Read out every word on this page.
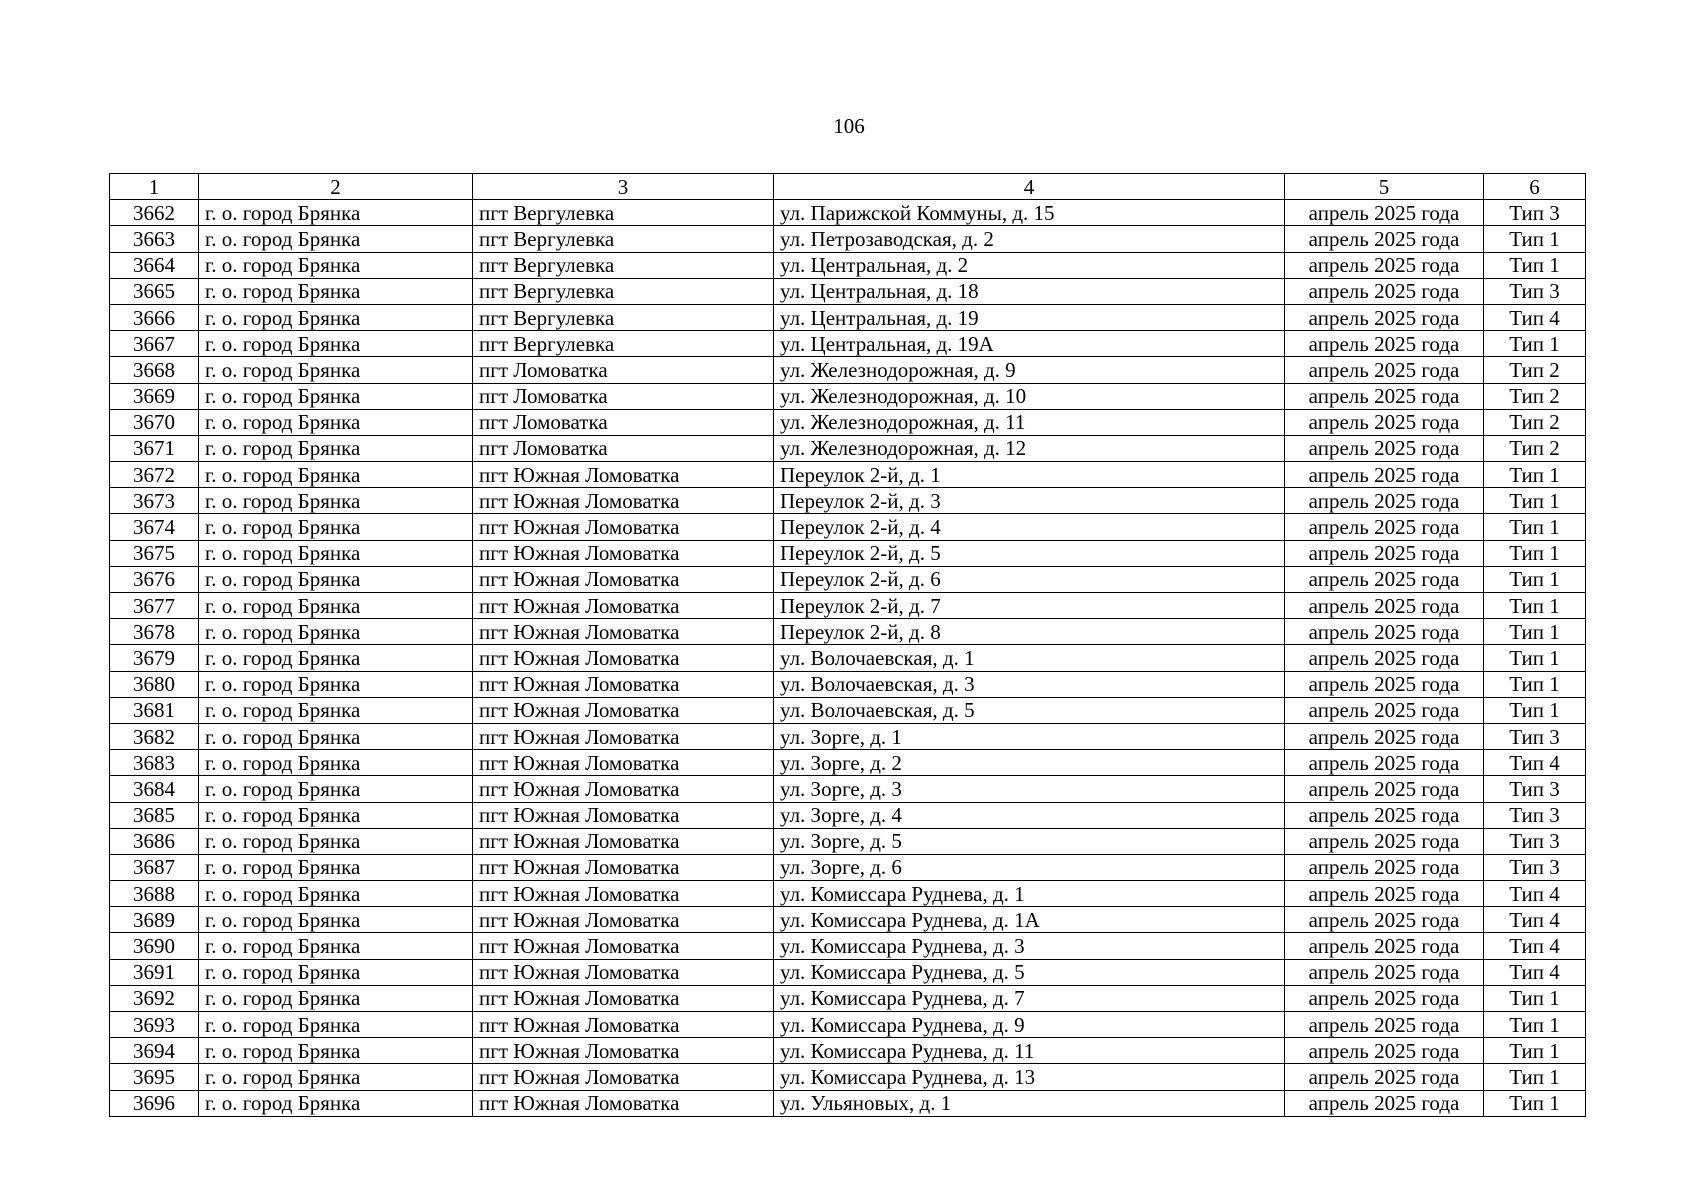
106
1	2	3	4	5	6
3662	г. о. город Брянка	пгт Вергулевка	ул. Парижской Коммуны, д. 15	апрель 2025 года	Тип 3
3663	г. о. город Брянка	пгт Вергулевка	ул. Петрозаводская, д. 2	апрель 2025 года	Тип 1
3664	г. о. город Брянка	пгт Вергулевка	ул. Центральная, д. 2	апрель 2025 года	Тип 1
3665	г. о. город Брянка	пгт Вергулевка	ул. Центральная, д. 18	апрель 2025 года	Тип 3
3666	г. о. город Брянка	пгт Вергулевка	ул. Центральная, д. 19	апрель 2025 года	Тип 4
3667	г. о. город Брянка	пгт Вергулевка	ул. Центральная, д. 19А	апрель 2025 года	Тип 1
3668	г. о. город Брянка	пгт Ломоватка	ул. Железнодорожная, д. 9	апрель 2025 года	Тип 2
3669	г. о. город Брянка	пгт Ломоватка	ул. Железнодорожная, д. 10	апрель 2025 года	Тип 2
3670	г. о. город Брянка	пгт Ломоватка	ул. Железнодорожная, д. 11	апрель 2025 года	Тип 2
3671	г. о. город Брянка	пгт Ломоватка	ул. Железнодорожная, д. 12	апрель 2025 года	Тип 2
3672	г. о. город Брянка	пгт Южная Ломоватка	Переулок 2-й, д. 1	апрель 2025 года	Тип 1
3673	г. о. город Брянка	пгт Южная Ломоватка	Переулок 2-й, д. 3	апрель 2025 года	Тип 1
3674	г. о. город Брянка	пгт Южная Ломоватка	Переулок 2-й, д. 4	апрель 2025 года	Тип 1
3675	г. о. город Брянка	пгт Южная Ломоватка	Переулок 2-й, д. 5	апрель 2025 года	Тип 1
3676	г. о. город Брянка	пгт Южная Ломоватка	Переулок 2-й, д. 6	апрель 2025 года	Тип 1
3677	г. о. город Брянка	пгт Южная Ломоватка	Переулок 2-й, д. 7	апрель 2025 года	Тип 1
3678	г. о. город Брянка	пгт Южная Ломоватка	Переулок 2-й, д. 8	апрель 2025 года	Тип 1
3679	г. о. город Брянка	пгт Южная Ломоватка	ул. Волочаевская, д. 1	апрель 2025 года	Тип 1
3680	г. о. город Брянка	пгт Южная Ломоватка	ул. Волочаевская, д. 3	апрель 2025 года	Тип 1
3681	г. о. город Брянка	пгт Южная Ломоватка	ул. Волочаевская, д. 5	апрель 2025 года	Тип 1
3682	г. о. город Брянка	пгт Южная Ломоватка	ул. Зорге, д. 1	апрель 2025 года	Тип 3
3683	г. о. город Брянка	пгт Южная Ломоватка	ул. Зорге, д. 2	апрель 2025 года	Тип 4
3684	г. о. город Брянка	пгт Южная Ломоватка	ул. Зорге, д. 3	апрель 2025 года	Тип 3
3685	г. о. город Брянка	пгт Южная Ломоватка	ул. Зорге, д. 4	апрель 2025 года	Тип 3
3686	г. о. город Брянка	пгт Южная Ломоватка	ул. Зорге, д. 5	апрель 2025 года	Тип 3
3687	г. о. город Брянка	пгт Южная Ломоватка	ул. Зорге, д. 6	апрель 2025 года	Тип 3
3688	г. о. город Брянка	пгт Южная Ломоватка	ул. Комиссара Руднева, д. 1	апрель 2025 года	Тип 4
3689	г. о. город Брянка	пгт Южная Ломоватка	ул. Комиссара Руднева, д. 1А	апрель 2025 года	Тип 4
3690	г. о. город Брянка	пгт Южная Ломоватка	ул. Комиссара Руднева, д. 3	апрель 2025 года	Тип 4
3691	г. о. город Брянка	пгт Южная Ломоватка	ул. Комиссара Руднева, д. 5	апрель 2025 года	Тип 4
3692	г. о. город Брянка	пгт Южная Ломоватка	ул. Комиссара Руднева, д. 7	апрель 2025 года	Тип 1
3693	г. о. город Брянка	пгт Южная Ломоватка	ул. Комиссара Руднева, д. 9	апрель 2025 года	Тип 1
3694	г. о. город Брянка	пгт Южная Ломоватка	ул. Комиссара Руднева, д. 11	апрель 2025 года	Тип 1
3695	г. о. город Брянка	пгт Южная Ломоватка	ул. Комиссара Руднева, д. 13	апрель 2025 года	Тип 1
3696	г. о. город Брянка	пгт Южная Ломоватка	ул. Ульяновых, д. 1	апрель 2025 года	Тип 1
